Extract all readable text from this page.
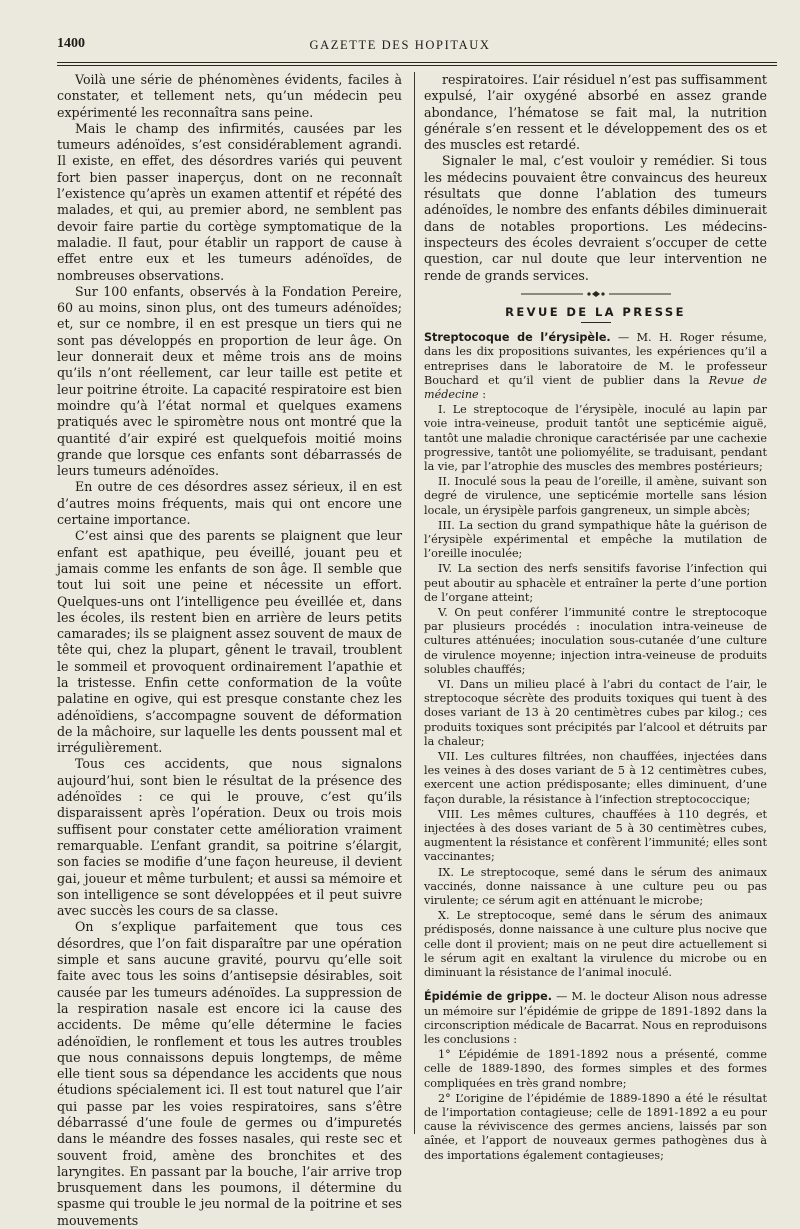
1400	GAZETTE DES HOPITAUX

Voilà une série de phénomènes évidents, faciles à constater, et tellement nets, qu’un médecin peu expérimenté les reconnaîtra sans peine.

Mais le champ des infirmités, causées par les tumeurs adénoïdes, s’est considérablement agrandi. Il existe, en effet, des désordres variés qui peuvent fort bien passer inaperçus, dont on ne reconnaît l’existence qu’après un examen attentif et répété des malades, et qui, au premier abord, ne semblent pas devoir faire partie du cortège symptomatique de la maladie. Il faut, pour établir un rapport de cause à effet entre eux et les tumeurs adénoïdes, de nombreuses observations.

Sur 100 enfants, observés à la Fondation Pereire, 60 au moins, sinon plus, ont des tumeurs adénoïdes; et, sur ce nombre, il en est presque un tiers qui ne sont pas développés en proportion de leur âge. On leur donnerait deux et même trois ans de moins qu’ils n’ont réellement, car leur taille est petite et leur poitrine étroite. La capacité respiratoire est bien moindre qu’à l’état normal et quelques examens pratiqués avec le spiromètre nous ont montré que la quantité d’air expiré est quelquefois moitié moins grande que lorsque ces enfants sont débarrassés de leurs tumeurs adénoïdes.

En outre de ces désordres assez sérieux, il en est d’autres moins fréquents, mais qui ont encore une certaine importance.

C’est ainsi que des parents se plaignent que leur enfant est apathique, peu éveillé, jouant peu et jamais comme les enfants de son âge. Il semble que tout lui soit une peine et nécessite un effort. Quelques-uns ont l’intelligence peu éveillée et, dans les écoles, ils restent bien en arrière de leurs petits camarades; ils se plaignent assez souvent de maux de tête qui, chez la plupart, gênent le travail, troublent le sommeil et provoquent ordinairement l’apathie et la tristesse. Enfin cette conformation de la voûte palatine en ogive, qui est presque constante chez les adénoïdiens, s’accompagne souvent de déformation de la mâchoire, sur laquelle les dents poussent mal et irrégulièrement.

Tous ces accidents, que nous signalons aujourd’hui, sont bien le résultat de la présence des adénoïdes : ce qui le prouve, c’est qu’ils disparaissent après l’opération. Deux ou trois mois suffisent pour constater cette amélioration vraiment remarquable. L’enfant grandit, sa poitrine s’élargit, son facies se modifie d’une façon heureuse, il devient gai, joueur et même turbulent; et aussi sa mémoire et son intelligence se sont développées et il peut suivre avec succès les cours de sa classe.

On s’explique parfaitement que tous ces désordres, que l’on fait disparaître par une opération simple et sans aucune gravité, pourvu qu’elle soit faite avec tous les soins d’antisepsie désirables, soit causée par les tumeurs adénoïdes. La suppression de la respiration nasale est encore ici la cause des accidents. De même qu’elle détermine le facies adénoïdien, le ronflement et tous les autres troubles que nous connaissons depuis longtemps, de même elle tient sous sa dépendance les accidents que nous étudions spécialement ici. Il est tout naturel que l’air qui passe par les voies respiratoires, sans s’être débarrassé d’une foule de germes ou d’impuretés dans le méandre des fosses nasales, qui reste sec et souvent froid, amène des bronchites et des laryngites. En passant par la bouche, l’air arrive trop brusquement dans les poumons, il détermine du spasme qui trouble le jeu normal de la poitrine et ses mouvements

respiratoires. L’air résiduel n’est pas suffisamment expulsé, l’air oxygéné absorbé en assez grande abondance, l’hématose se fait mal, la nutrition générale s’en ressent et le développement des os et des muscles est retardé.

Signaler le mal, c’est vouloir y remédier. Si tous les médecins pouvaient être convaincus des heureux résultats que donne l’ablation des tumeurs adénoïdes, le nombre des enfants débiles diminuerait dans de notables proportions. Les médecins-inspecteurs des écoles devraient s’occuper de cette question, car nul doute que leur intervention ne rende de grands services.

REVUE DE LA PRESSE

Streptocoque de l’érysipèle. — M. H. Roger résume, dans les dix propositions suivantes, les expériences qu’il a entreprises dans le laboratoire de M. le professeur Bouchard et qu’il vient de publier dans la Revue de médecine :

I. Le streptocoque de l’érysipèle, inoculé au lapin par voie intra-veineuse, produit tantôt une septicémie aiguë, tantôt une maladie chronique caractérisée par une cachexie progressive, tantôt une poliomyélite, se traduisant, pendant la vie, par l’atrophie des muscles des membres postérieurs;

II. Inoculé sous la peau de l’oreille, il amène, suivant son degré de virulence, une septicémie mortelle sans lésion locale, un érysipèle parfois gangreneux, un simple abcès;

III. La section du grand sympathique hâte la guérison de l’érysipèle expérimental et empêche la mutilation de l’oreille inoculée;

IV. La section des nerfs sensitifs favorise l’infection qui peut aboutir au sphacèle et entraîner la perte d’une portion de l’organe atteint;

V. On peut conférer l’immunité contre le streptocoque par plusieurs procédés : inoculation intra-veineuse de cultures atténuées; inoculation sous-cutanée d’une culture de virulence moyenne; injection intra-veineuse de produits solubles chauffés;

VI. Dans un milieu placé à l’abri du contact de l’air, le streptocoque sécrète des produits toxiques qui tuent à des doses variant de 13 à 20 centimètres cubes par kilog.; ces produits toxiques sont précipités par l’alcool et détruits par la chaleur;

VII. Les cultures filtrées, non chauffées, injectées dans les veines à des doses variant de 5 à 12 centimètres cubes, exercent une action prédisposante; elles diminuent, d’une façon durable, la résistance à l’infection streptococcique;

VIII. Les mêmes cultures, chauffées à 110 degrés, et injectées à des doses variant de 5 à 30 centimètres cubes, augmentent la résistance et confèrent l’immunité; elles sont vaccinantes;

IX. Le streptocoque, semé dans le sérum des animaux vaccinés, donne naissance à une culture peu ou pas virulente; ce sérum agit en atténuant le microbe;

X. Le streptocoque, semé dans le sérum des animaux prédisposés, donne naissance à une culture plus nocive que celle dont il provient; mais on ne peut dire actuellement si le sérum agit en exaltant la virulence du microbe ou en diminuant la résistance de l’animal inoculé.

Épidémie de grippe. — M. le docteur Alison nous adresse un mémoire sur l’épidémie de grippe de 1891-1892 dans la circonscription médicale de Bacarrat. Nous en reproduisons les conclusions :

1° L’épidémie de 1891-1892 nous a présenté, comme celle de 1889-1890, des formes simples et des formes compliquées en très grand nombre;

2° L’origine de l’épidémie de 1889-1890 a été le résultat de l’importation contagieuse; celle de 1891-1892 a eu pour cause la réviviscence des germes anciens, laissés par son aînée, et l’apport de nouveaux germes pathogènes dus à des importations également contagieuses;
